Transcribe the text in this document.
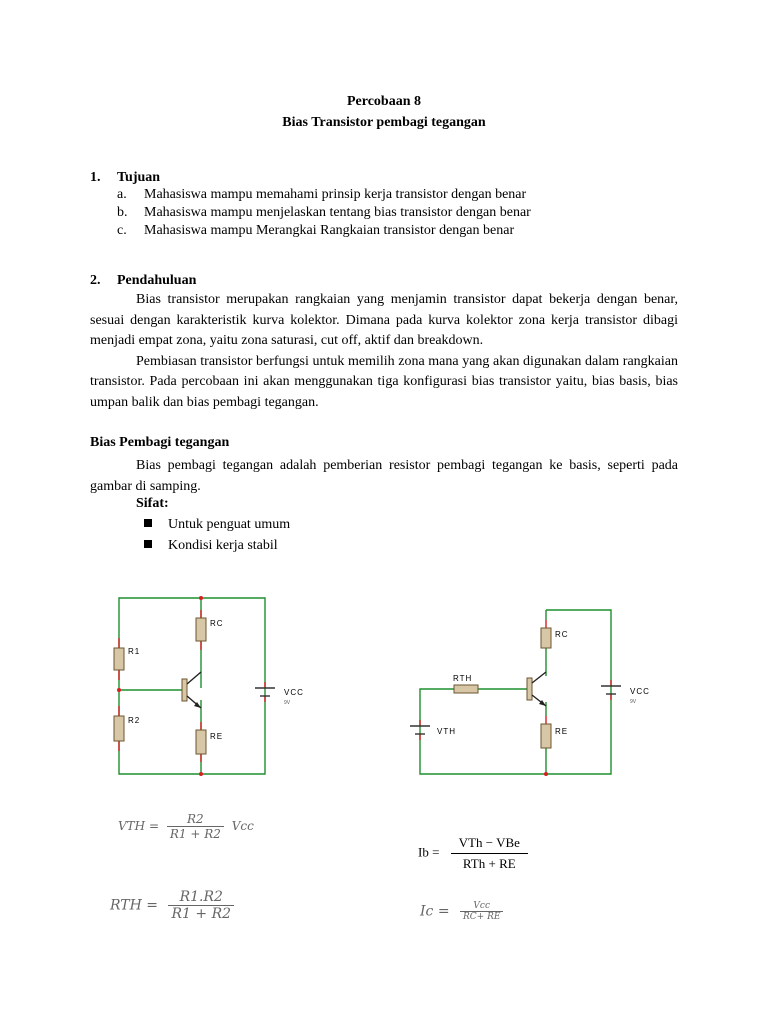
Percobaan 8
Bias Transistor pembagi tegangan
1. Tujuan
a. Mahasiswa mampu memahami prinsip kerja transistor dengan benar
b. Mahasiswa mampu menjelaskan tentang bias transistor dengan benar
c. Mahasiswa mampu Merangkai Rangkaian transistor dengan benar
2. Pendahuluan

Bias transistor merupakan rangkaian yang menjamin transistor dapat bekerja dengan benar, sesuai dengan karakteristik kurva kolektor. Dimana pada kurva kolektor zona kerja transistor dibagi menjadi empat zona, yaitu zona saturasi, cut off, aktif dan breakdown.

Pembiasan transistor berfungsi untuk memilih zona mana yang akan digunakan dalam rangkaian transistor. Pada percobaan ini akan menggunakan tiga konfigurasi bias transistor yaitu, bias basis, bias umpan balik dan bias pembagi tegangan.

Bias Pembagi tegangan

Bias pembagi tegangan adalah pemberian resistor pembagi tegangan ke basis, seperti pada gambar di samping.

Sifat:
Untuk penguat umum
Kondisi kerja stabil
R1
R2
RC
RE
VCC
9V
RTH
VTH
RC
RE
VCC
9V
VTH = $\frac{R2}{R1 + R2}$ Vcc
RTH = $\frac{R1.R2}{R1 + R2}$
$Ib = \frac{\text{VTh − VBe}}{\text{RTh + RE}}$
$Ic = \frac{\text{Vcc}}{RC+ RE}$
